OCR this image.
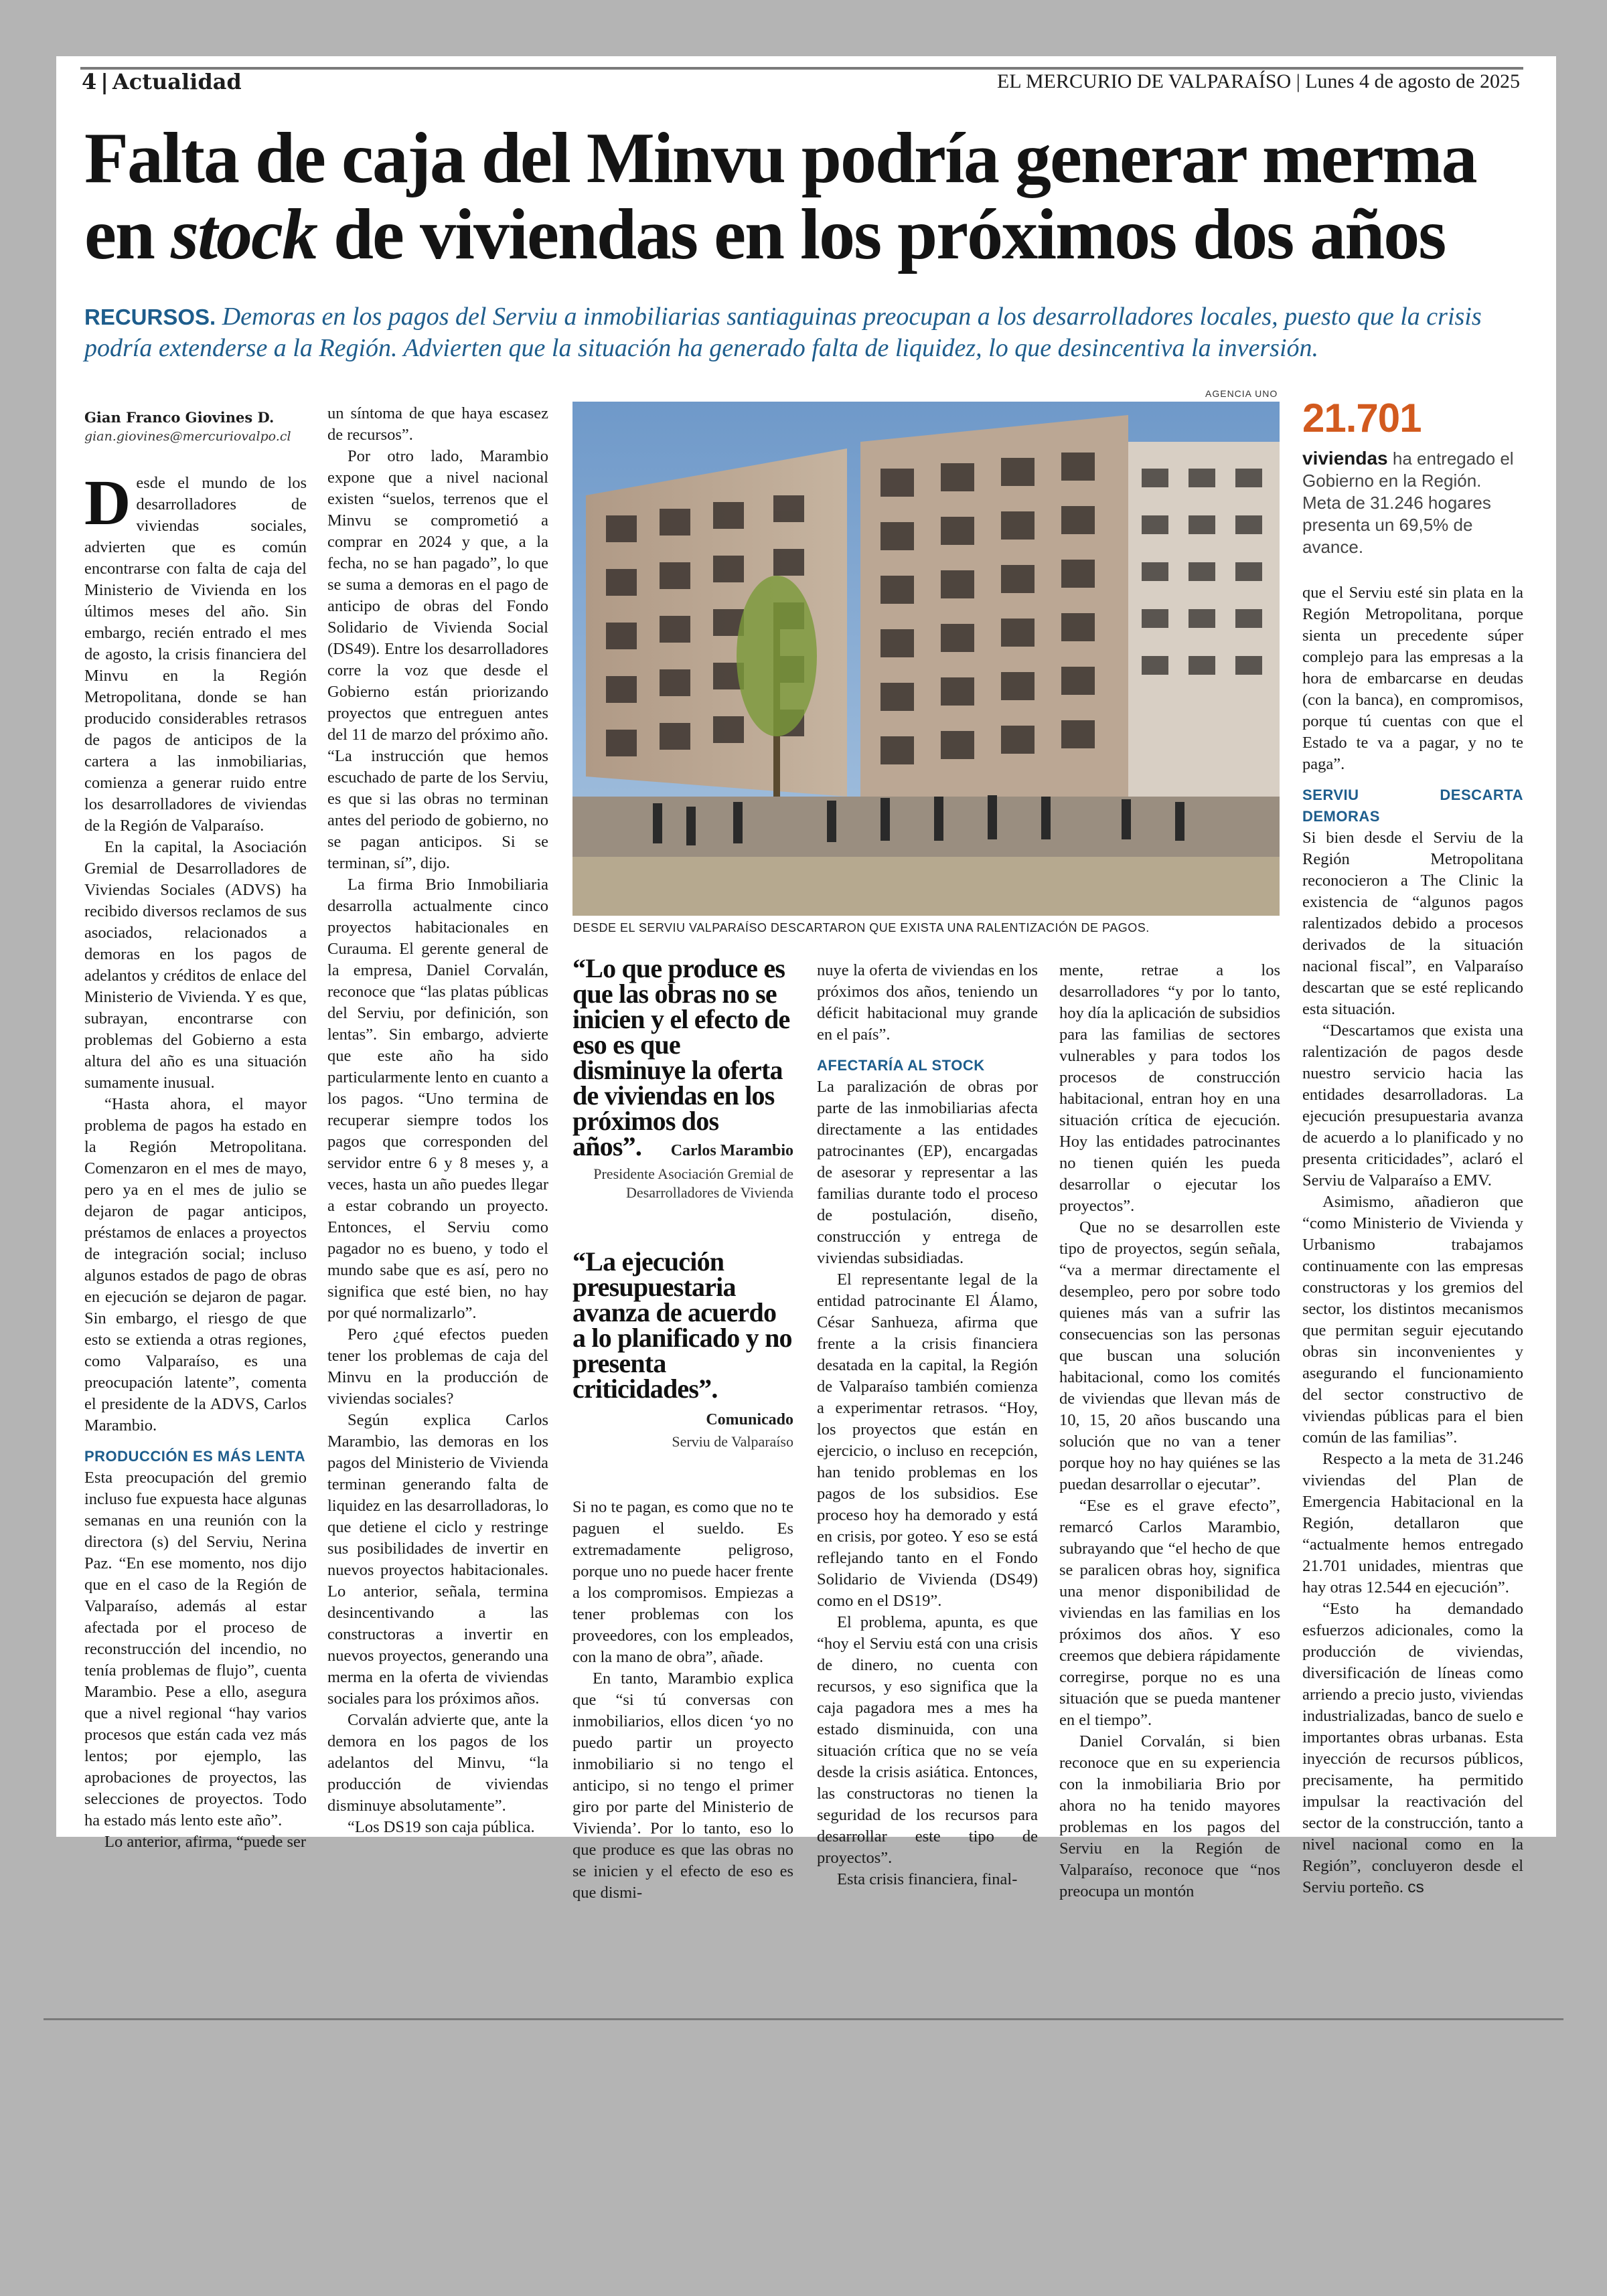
4 | Actualidad	EL MERCURIO DE VALPARAÍSO | Lunes 4 de agosto de 2025
Falta de caja del Minvu podría generar merma
en stock de viviendas en los próximos dos años
RECURSOS. Demoras en los pagos del Serviu a inmobiliarias santiaguinas preocupan a los desarrolladores locales, puesto que la crisis podría extenderse a la Región. Advierten que la situación ha generado falta de liquidez, lo que desincentiva la inversión.
Gian Franco Giovines D.
gian.giovines@mercuriovalpo.cl

Desde el mundo de los desarrolladores de viviendas sociales, advierten que es común encontrarse con falta de caja del Ministerio de Vivienda en los últimos meses del año. Sin embargo, recién entrado el mes de agosto, la crisis financiera del Minvu en la Región Metropolitana, donde se han producido considerables retrasos de pagos de anticipos de la cartera a las inmobiliarias, comienza a generar ruido entre los desarrolladores de viviendas de la Región de Valparaíso.

En la capital, la Asociación Gremial de Desarrolladores de Viviendas Sociales (ADVS) ha recibido diversos reclamos de sus asociados, relacionados a demoras en los pagos de adelantos y créditos de enlace del Ministerio de Vivienda. Y es que, subrayan, encontrarse con problemas del Gobierno a esta altura del año es una situación sumamente inusual.

“Hasta ahora, el mayor problema de pagos ha estado en la Región Metropolitana. Comenzaron en el mes de mayo, pero ya en el mes de julio se dejaron de pagar anticipos, préstamos de enlaces a proyectos de integración social; incluso algunos estados de pago de obras en ejecución se dejaron de pagar. Sin embargo, el riesgo de que esto se extienda a otras regiones, como Valparaíso, es una preocupación latente”, comenta el presidente de la ADVS, Carlos Marambio.

PRODUCCIÓN ES MÁS LENTA

Esta preocupación del gremio incluso fue expuesta hace algunas semanas en una reunión con la directora (s) del Serviu, Nerina Paz. “En ese momento, nos dijo que en el caso de la Región de Valparaíso, además al estar afectada por el proceso de reconstrucción del incendio, no tenía problemas de flujo”, cuenta Marambio. Pese a ello, asegura que a nivel regional “hay varios procesos que están cada vez más lentos; por ejemplo, las aprobaciones de proyectos, las selecciones de proyectos. Todo ha estado más lento este año”.

Lo anterior, afirma, “puede ser

un síntoma de que haya escasez de recursos”.

Por otro lado, Marambio expone que a nivel nacional existen “suelos, terrenos que el Minvu se comprometió a comprar en 2024 y que, a la fecha, no se han pagado”, lo que se suma a demoras en el pago de anticipo de obras del Fondo Solidario de Vivienda Social (DS49). Entre los desarrolladores corre la voz que desde el Gobierno están priorizando proyectos que entreguen antes del 11 de marzo del próximo año. “La instrucción que hemos escuchado de parte de los Serviu, es que si las obras no terminan antes del periodo de gobierno, no se pagan anticipos. Si se terminan, sí”, dijo.

La firma Brio Inmobiliaria desarrolla actualmente cinco proyectos habitacionales en Curauma. El gerente general de la empresa, Daniel Corvalán, reconoce que “las platas públicas del Serviu, por definición, son lentas”. Sin embargo, advierte que este año ha sido particularmente lento en cuanto a los pagos. “Uno termina de recuperar siempre todos los pagos que corresponden del servidor entre 6 y 8 meses y, a veces, hasta un año puedes llegar a estar cobrando un proyecto. Entonces, el Serviu como pagador no es bueno, y todo el mundo sabe que es así, pero no significa que esté bien, no hay por qué normalizarlo”.

Pero ¿qué efectos pueden tener los problemas de caja del Minvu en la producción de viviendas sociales?

Según explica Carlos Marambio, las demoras en los pagos del Ministerio de Vivienda terminan generando falta de liquidez en las desarrolladoras, lo que detiene el ciclo y restringe sus posibilidades de invertir en nuevos proyectos habitacionales. Lo anterior, señala, termina desincentivando a las constructoras a invertir en nuevos proyectos, generando una merma en la oferta de viviendas sociales para los próximos años.

Corvalán advierte que, ante la demora en los pagos de los adelantos del Minvu, “la producción de viviendas disminuye absolutamente”.

“Los DS19 son caja pública.

AGENCIA UNO
DESDE EL SERVIU VALPARAÍSO DESCARTARON QUE EXISTA UNA RALENTIZACIÓN DE PAGOS.
21.701
viviendas ha entregado el Gobierno en la Región. Meta de 31.246 hogares presenta un 69,5% de avance.
“Lo que produce es que las obras no se inicien y el efecto de eso es que disminuye la oferta de viviendas en los próximos dos años”.	Carlos Marambio
Presidente Asociación Gremial de Desarrolladores de Vivienda
“La ejecución presupuestaria avanza de acuerdo a lo planificado y no presenta criticidades”.
Comunicado
Serviu de Valparaíso

Si no te pagan, es como que no te paguen el sueldo. Es extremadamente peligroso, porque uno no puede hacer frente a los compromisos. Empiezas a tener problemas con los proveedores, con los empleados, con la mano de obra”, añade.

En tanto, Marambio explica que “si tú conversas con inmobiliarios, ellos dicen ‘yo no puedo partir un proyecto inmobiliario si no tengo el anticipo, si no tengo el primer giro por parte del Ministerio de Vivienda’. Por lo tanto, eso lo que produce es que las obras no se inicien y el efecto de eso es que dismi-

nuye la oferta de viviendas en los próximos dos años, teniendo un déficit habitacional muy grande en el país”.

AFECTARÍA AL STOCK

La paralización de obras por parte de las inmobiliarias afecta directamente a las entidades patrocinantes (EP), encargadas de asesorar y representar a las familias durante todo el proceso de postulación, diseño, construcción y entrega de viviendas subsidiadas.

El representante legal de la entidad patrocinante El Álamo, César Sanhueza, afirma que frente a la crisis financiera desatada en la capital, la Región de Valparaíso también comienza a experimentar retrasos. “Hoy, los proyectos que están en ejercicio, o incluso en recepción, han tenido problemas en los pagos de los subsidios. Ese proceso hoy ha demorado y está en crisis, por goteo. Y eso se está reflejando tanto en el Fondo Solidario de Vivienda (DS49) como en el DS19”.

El problema, apunta, es que “hoy el Serviu está con una crisis de dinero, no cuenta con recursos, y eso significa que la caja pagadora mes a mes ha estado disminuida, con una situación crítica que no se veía desde la crisis asiática. Entonces, las constructoras no tienen la seguridad de los recursos para desarrollar este tipo de proyectos”.

Esta crisis financiera, final-

mente, retrae a los desarrolladores “y por lo tanto, hoy día la aplicación de subsidios para las familias de sectores vulnerables y para todos los procesos de construcción habitacional, entran hoy en una situación crítica de ejecución. Hoy las entidades patrocinantes no tienen quién les pueda desarrollar o ejecutar los proyectos”.

Que no se desarrollen este tipo de proyectos, según señala, “va a mermar directamente el desempleo, pero por sobre todo quienes más van a sufrir las consecuencias son las personas que buscan una solución habitacional, como los comités de viviendas que llevan más de 10, 15, 20 años buscando una solución que no van a tener porque hoy no hay quiénes se las puedan desarrollar o ejecutar”.

“Ese es el grave efecto”, remarcó Carlos Marambio, subrayando que “el hecho de que se paralicen obras hoy, significa una menor disponibilidad de viviendas en las familias en los próximos dos años. Y eso creemos que debiera rápidamente corregirse, porque no es una situación que se pueda mantener en el tiempo”.

Daniel Corvalán, si bien reconoce que en su experiencia con la inmobiliaria Brio por ahora no ha tenido mayores problemas en los pagos del Serviu en la Región de Valparaíso, reconoce que “nos preocupa un montón

que el Serviu esté sin plata en la Región Metropolitana, porque sienta un precedente súper complejo para las empresas a la hora de embarcarse en deudas (con la banca), en compromisos, porque tú cuentas con que el Estado te va a pagar, y no te paga”.

SERVIU DESCARTA DEMORAS

Si bien desde el Serviu de la Región Metropolitana reconocieron a The Clinic la existencia de “algunos pagos ralentizados debido a procesos derivados de la situación nacional fiscal”, en Valparaíso descartan que se esté replicando esta situación.

“Descartamos que exista una ralentización de pagos desde nuestro servicio hacia las entidades desarrolladoras. La ejecución presupuestaria avanza de acuerdo a lo planificado y no presenta criticidades”, aclaró el Serviu de Valparaíso a EMV.

Asimismo, añadieron que “como Ministerio de Vivienda y Urbanismo trabajamos continuamente con las empresas constructoras y los gremios del sector, los distintos mecanismos que permitan seguir ejecutando obras sin inconvenientes y asegurando el funcionamiento del sector constructivo de viviendas públicas para el bien común de las familias”.

Respecto a la meta de 31.246 viviendas del Plan de Emergencia Habitacional en la Región, detallaron que “actualmente hemos entregado 21.701 unidades, mientras que hay otras 12.544 en ejecución”.

“Esto ha demandado esfuerzos adicionales, como la producción de viviendas, diversificación de líneas como arriendo a precio justo, viviendas industrializadas, banco de suelo e importantes obras urbanas. Esta inyección de recursos públicos, precisamente, ha permitido impulsar la reactivación del sector de la construcción, tanto a nivel nacional como en la Región”, concluyeron desde el Serviu porteño. cs
